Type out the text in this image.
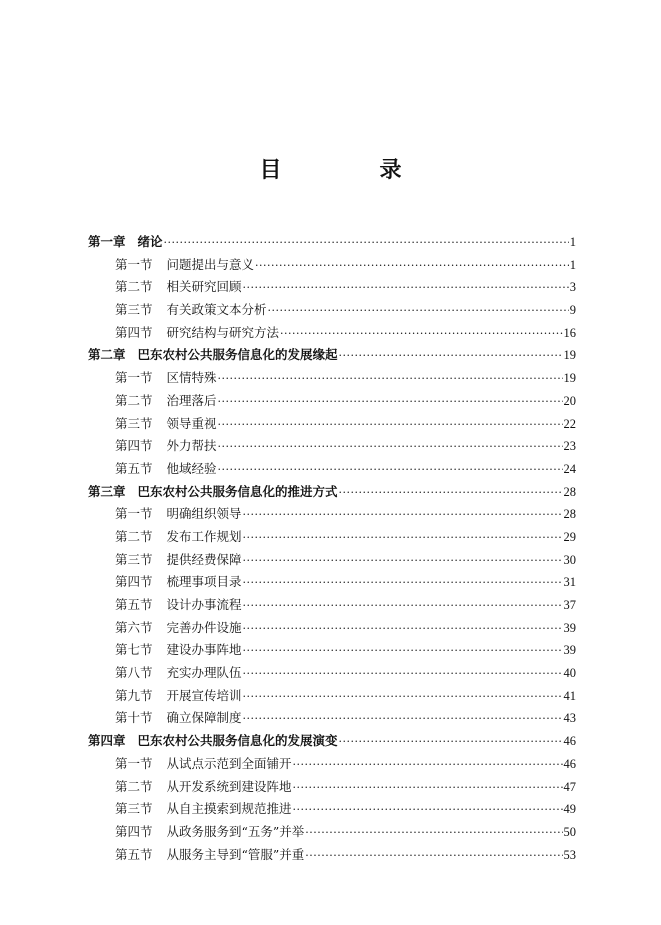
目　录
第一章 绪论 ·····	1
第一节 问题提出与意义 ·····	1
第二节 相关研究回顾 ·····	3
第三节 有关政策文本分析 ·····	9
第四节 研究结构与研究方法 ·····	16
第二章 巴东农村公共服务信息化的发展缘起 ·····	19
第一节 区情特殊 ·····	19
第二节 治理落后 ·····	20
第三节 领导重视 ·····	22
第四节 外力帮扶 ·····	23
第五节 他域经验 ·····	24
第三章 巴东农村公共服务信息化的推进方式 ·····	28
第一节 明确组织领导 ·····	28
第二节 发布工作规划 ·····	29
第三节 提供经费保障 ·····	30
第四节 梳理事项目录 ·····	31
第五节 设计办事流程 ·····	37
第六节 完善办件设施 ·····	39
第七节 建设办事阵地 ·····	39
第八节 充实办理队伍 ·····	40
第九节 开展宣传培训 ·····	41
第十节 确立保障制度 ·····	43
第四章 巴东农村公共服务信息化的发展演变 ·····	46
第一节 从试点示范到全面铺开 ·····	46
第二节 从开发系统到建设阵地 ·····	47
第三节 从自主摸索到规范推进 ·····	49
第四节 从政务服务到“五务”并举 ·····	50
第五节 从服务主导到“管服”并重 ·····	53
